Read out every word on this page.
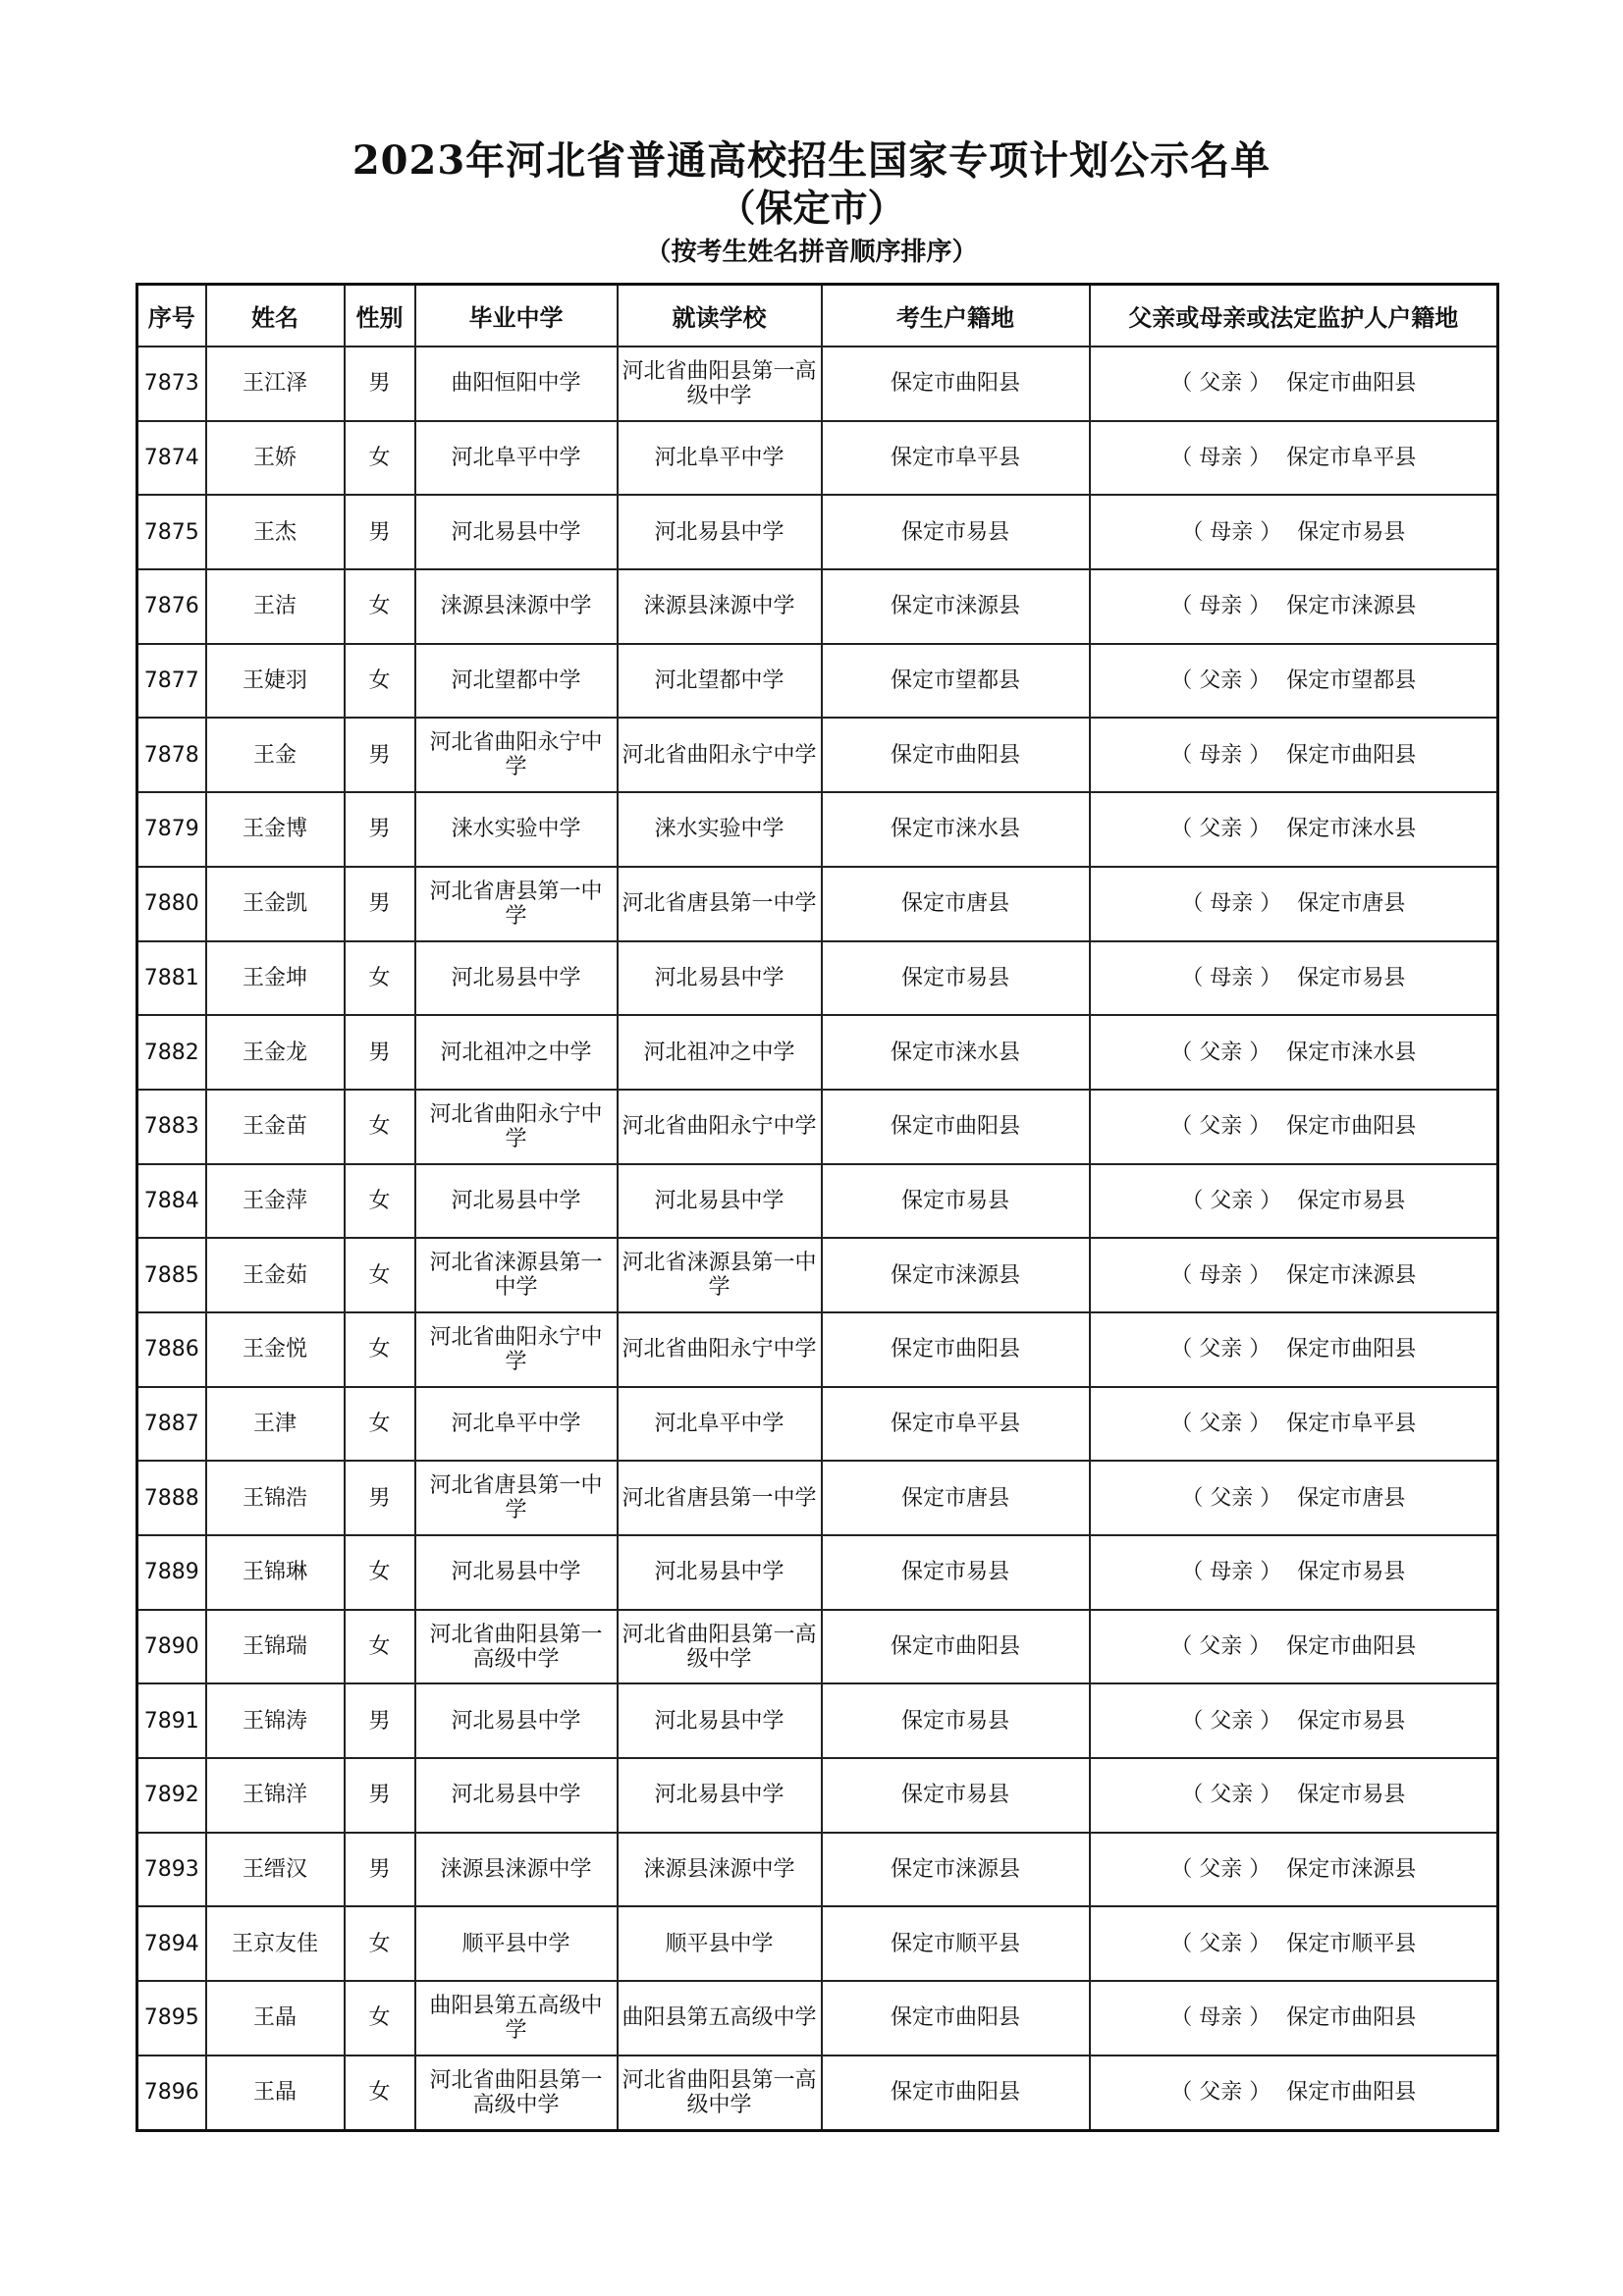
2023年河北省普通高校招生国家专项计划公示名单
（保定市）
（按考生姓名拼音顺序排序）
序号	姓名	性别	毕业中学	就读学校	考生户籍地	父亲或母亲或法定监护人户籍地
7873	王江泽	男	曲阳恒阳中学	河北省曲阳县第一高级中学	保定市曲阳县	（ 父亲 ） 保定市曲阳县
7874	王娇	女	河北阜平中学	河北阜平中学	保定市阜平县	（ 母亲 ） 保定市阜平县
7875	王杰	男	河北易县中学	河北易县中学	保定市易县	（ 母亲 ） 保定市易县
7876	王洁	女	涞源县涞源中学	涞源县涞源中学	保定市涞源县	（ 母亲 ） 保定市涞源县
7877	王婕羽	女	河北望都中学	河北望都中学	保定市望都县	（ 父亲 ） 保定市望都县
7878	王金	男	河北省曲阳永宁中学	河北省曲阳永宁中学	保定市曲阳县	（ 母亲 ） 保定市曲阳县
7879	王金博	男	涞水实验中学	涞水实验中学	保定市涞水县	（ 父亲 ） 保定市涞水县
7880	王金凯	男	河北省唐县第一中学	河北省唐县第一中学	保定市唐县	（ 母亲 ） 保定市唐县
7881	王金坤	女	河北易县中学	河北易县中学	保定市易县	（ 母亲 ） 保定市易县
7882	王金龙	男	河北祖冲之中学	河北祖冲之中学	保定市涞水县	（ 父亲 ） 保定市涞水县
7883	王金苗	女	河北省曲阳永宁中学	河北省曲阳永宁中学	保定市曲阳县	（ 父亲 ） 保定市曲阳县
7884	王金萍	女	河北易县中学	河北易县中学	保定市易县	（ 父亲 ） 保定市易县
7885	王金茹	女	河北省涞源县第一中学	河北省涞源县第一中学	保定市涞源县	（ 母亲 ） 保定市涞源县
7886	王金悦	女	河北省曲阳永宁中学	河北省曲阳永宁中学	保定市曲阳县	（ 父亲 ） 保定市曲阳县
7887	王津	女	河北阜平中学	河北阜平中学	保定市阜平县	（ 父亲 ） 保定市阜平县
7888	王锦浩	男	河北省唐县第一中学	河北省唐县第一中学	保定市唐县	（ 父亲 ） 保定市唐县
7889	王锦琳	女	河北易县中学	河北易县中学	保定市易县	（ 母亲 ） 保定市易县
7890	王锦瑞	女	河北省曲阳县第一高级中学	河北省曲阳县第一高级中学	保定市曲阳县	（ 父亲 ） 保定市曲阳县
7891	王锦涛	男	河北易县中学	河北易县中学	保定市易县	（ 父亲 ） 保定市易县
7892	王锦洋	男	河北易县中学	河北易县中学	保定市易县	（ 父亲 ） 保定市易县
7893	王缙汉	男	涞源县涞源中学	涞源县涞源中学	保定市涞源县	（ 父亲 ） 保定市涞源县
7894	王京友佳	女	顺平县中学	顺平县中学	保定市顺平县	（ 父亲 ） 保定市顺平县
7895	王晶	女	曲阳县第五高级中学	曲阳县第五高级中学	保定市曲阳县	（ 母亲 ） 保定市曲阳县
7896	王晶	女	河北省曲阳县第一高级中学	河北省曲阳县第一高级中学	保定市曲阳县	（ 父亲 ） 保定市曲阳县
